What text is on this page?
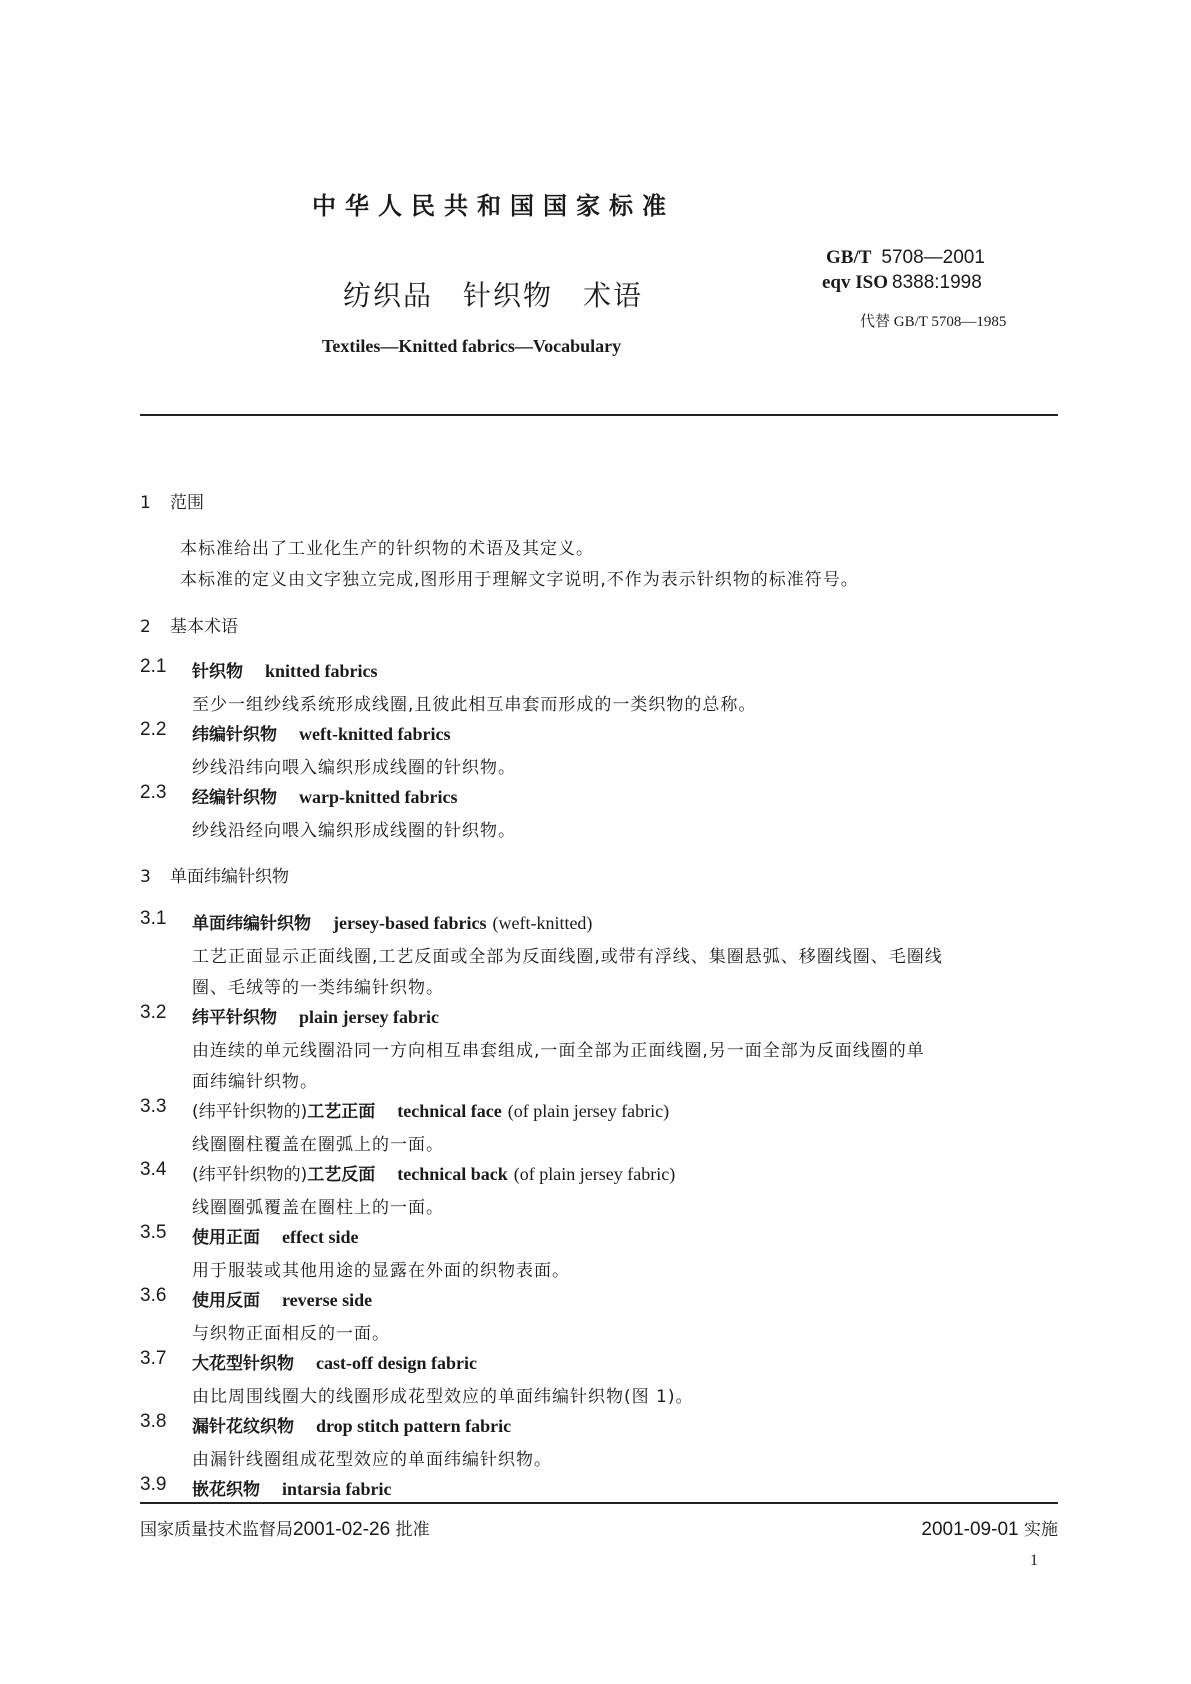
中华人民共和国国家标准
GB/T 5708—2001
eqv ISO 8388:1998
纺织品 针织物 术语
代替 GB/T 5708—1985
Textiles—Knitted fabrics—Vocabulary
1 范围
本标准给出了工业化生产的针织物的术语及其定义。
本标准的定义由文字独立完成,图形用于理解文字说明,不作为表示针织物的标准符号。
2 基本术语
2.1 针织物 knitted fabrics
至少一组纱线系统形成线圈,且彼此相互串套而形成的一类织物的总称。
2.2 纬编针织物 weft-knitted fabrics
纱线沿纬向喂入编织形成线圈的针织物。
2.3 经编针织物 warp-knitted fabrics
纱线沿经向喂入编织形成线圈的针织物。
3 单面纬编针织物
3.1 单面纬编针织物 jersey-based fabrics (weft-knitted)
工艺正面显示正面线圈,工艺反面或全部为反面线圈,或带有浮线、集圈悬弧、移圈线圈、毛圈线
圈、毛绒等的一类纬编针织物。
3.2 纬平针织物 plain jersey fabric
由连续的单元线圈沿同一方向相互串套组成,一面全部为正面线圈,另一面全部为反面线圈的单
面纬编针织物。
3.3 (纬平针织物的)工艺正面 technical face (of plain jersey fabric)
线圈圈柱覆盖在圈弧上的一面。
3.4 (纬平针织物的)工艺反面 technical back (of plain jersey fabric)
线圈圈弧覆盖在圈柱上的一面。
3.5 使用正面 effect side
用于服装或其他用途的显露在外面的织物表面。
3.6 使用反面 reverse side
与织物正面相反的一面。
3.7 大花型针织物 cast-off design fabric
由比周围线圈大的线圈形成花型效应的单面纬编针织物(图 1)。
3.8 漏针花纹织物 drop stitch pattern fabric
由漏针线圈组成花型效应的单面纬编针织物。
3.9 嵌花织物 intarsia fabric
国家质量技术监督局2001-02-26 批准	2001-09-01 实施
1
